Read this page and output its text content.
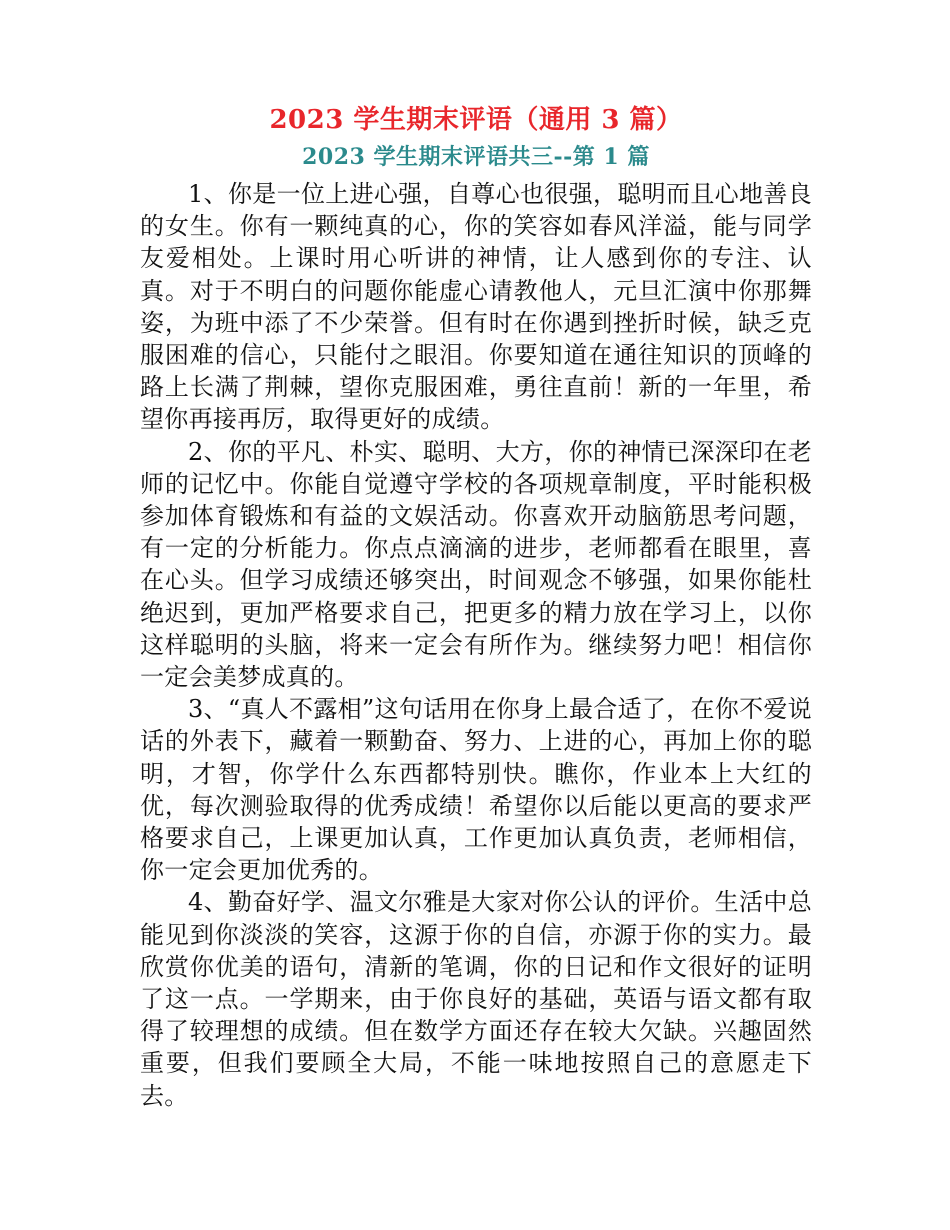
2023 学生期末评语（通用 3 篇）
2023 学生期末评语共三--第 1 篇

1、你是一位上进心强，自尊心也很强，聪明而且心地善良的女生。你有一颗纯真的心，你的笑容如春风洋溢，能与同学友爱相处。上课时用心听讲的神情，让人感到你的专注、认真。对于不明白的问题你能虚心请教他人，元旦汇演中你那舞姿，为班中添了不少荣誉。但有时在你遇到挫折时候，缺乏克服困难的信心，只能付之眼泪。你要知道在通往知识的顶峰的路上长满了荆棘，望你克服困难，勇往直前！新的一年里，希望你再接再厉，取得更好的成绩。

2、你的平凡、朴实、聪明、大方，你的神情已深深印在老师的记忆中。你能自觉遵守学校的各项规章制度，平时能积极参加体育锻炼和有益的文娱活动。你喜欢开动脑筋思考问题，有一定的分析能力。你点点滴滴的进步，老师都看在眼里，喜在心头。但学习成绩还够突出，时间观念不够强，如果你能杜绝迟到，更加严格要求自己，把更多的精力放在学习上，以你这样聪明的头脑，将来一定会有所作为。继续努力吧！相信你一定会美梦成真的。

3、“真人不露相”这句话用在你身上最合适了，在你不爱说话的外表下，藏着一颗勤奋、努力、上进的心，再加上你的聪明，才智，你学什么东西都特别快。瞧你，作业本上大红的优，每次测验取得的优秀成绩！希望你以后能以更高的要求严格要求自己，上课更加认真，工作更加认真负责，老师相信，你一定会更加优秀的。

4、勤奋好学、温文尔雅是大家对你公认的评价。生活中总能见到你淡淡的笑容，这源于你的自信，亦源于你的实力。最欣赏你优美的语句，清新的笔调，你的日记和作文很好的证明了这一点。一学期来，由于你良好的基础，英语与语文都有取得了较理想的成绩。但在数学方面还存在较大欠缺。兴趣固然重要，但我们要顾全大局，不能一味地按照自己的意愿走下去。
